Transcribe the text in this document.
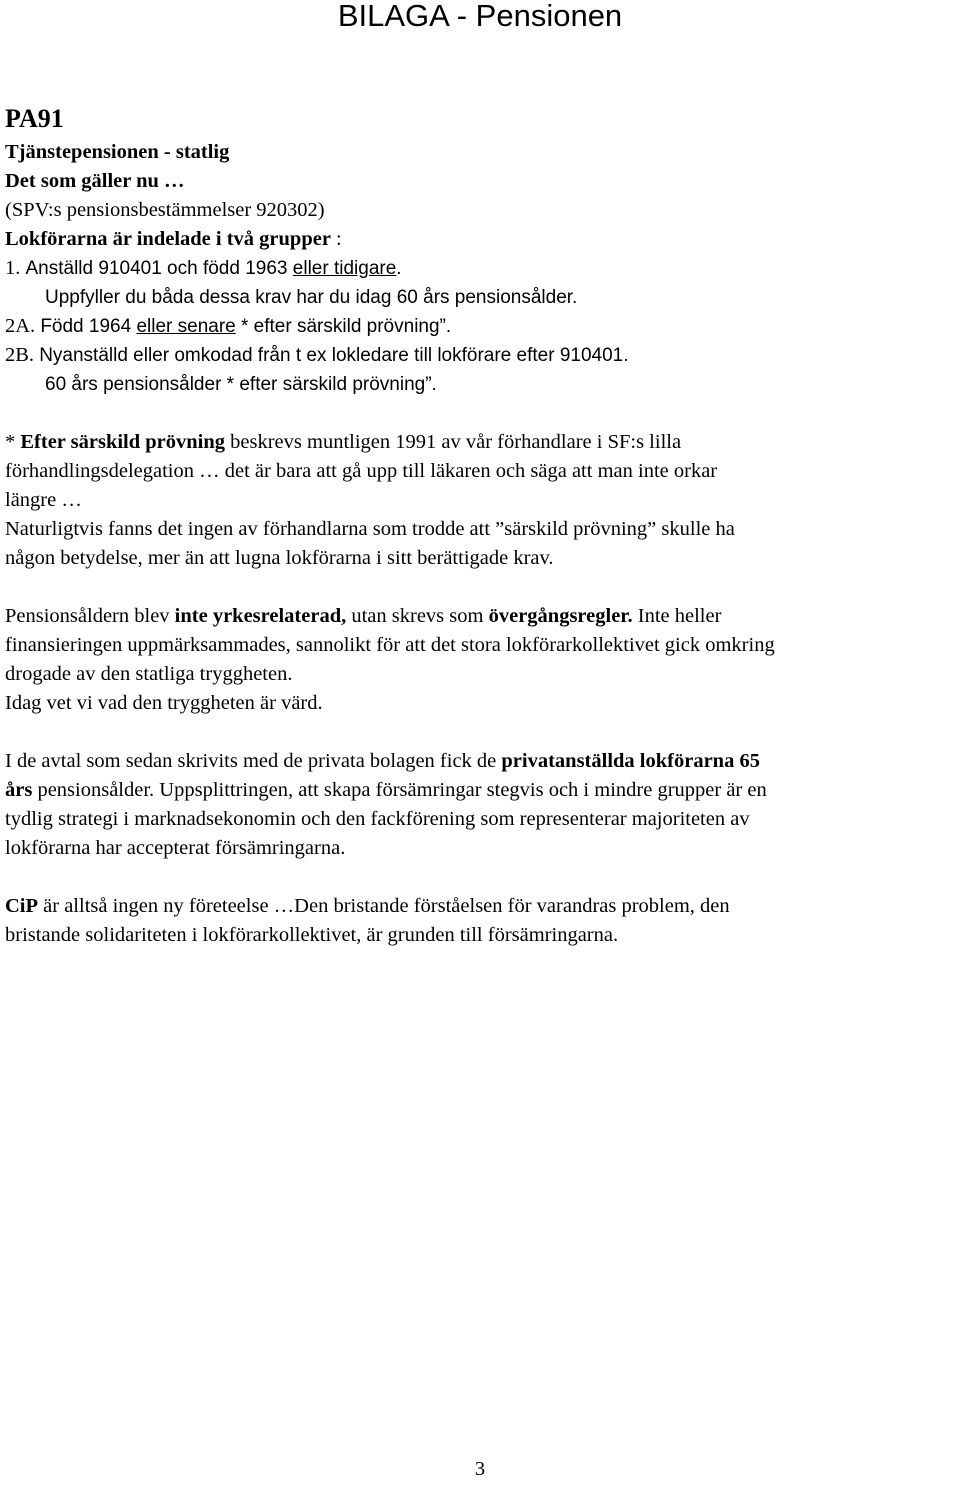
BILAGA - Pensionen
PA91
Tjänstepensionen - statlig
Det som gäller nu …
(SPV:s pensionsbestämmelser 920302)
Lokförarna är indelade i två grupper :
1. Anställd 910401 och född 1963 eller tidigare.
Uppfyller du båda dessa krav har du idag 60 års pensionsålder.
2A. Född 1964 eller senare * efter särskild prövning”.
2B. Nyanställd eller omkodad från t ex lokledare till lokförare efter 910401.
60 års pensionsålder * efter särskild prövning”.
* Efter särskild prövning beskrevs muntligen 1991 av vår förhandlare i SF:s lilla
förhandlingsdelegation … det är bara att gå upp till läkaren och säga att man inte orkar
längre …
Naturligtvis fanns det ingen av förhandlarna som trodde att ”särskild prövning” skulle ha
någon betydelse, mer än att lugna lokförarna i sitt berättigade krav.
Pensionsåldern blev inte yrkesrelaterad, utan skrevs som övergångsregler. Inte heller
finansieringen uppmärksammades, sannolikt för att det stora lokförarkollektivet gick omkring
drogade av den statliga tryggheten.
Idag vet vi vad den tryggheten är värd.
I de avtal som sedan skrivits med de privata bolagen fick de privatanställda lokförarna 65
års pensionsålder. Uppsplittringen, att skapa försämringar stegvis och i mindre grupper är en
tydlig strategi i marknadsekonomin och den fackförening som representerar majoriteten av
lokförarna har accepterat försämringarna.
CiP är alltså ingen ny företeelse …Den bristande förståelsen för varandras problem, den
bristande solidariteten i lokförarkollektivet, är grunden till försämringarna.
3
